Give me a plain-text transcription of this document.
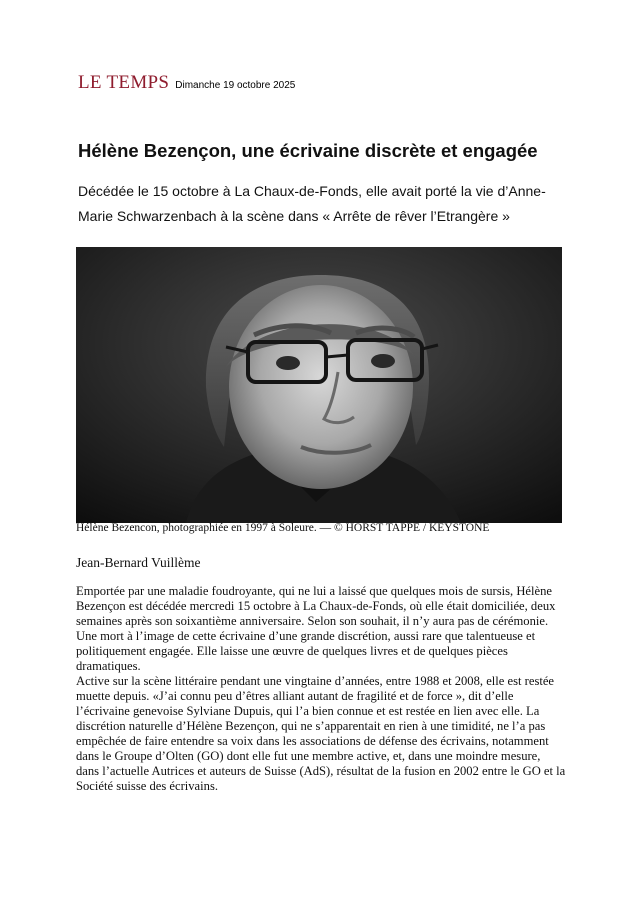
LE TEMPS Dimanche 19 octobre 2025
Hélène Bezençon, une écrivaine discrète et engagée

Décédée le 15 octobre à La Chaux-de-Fonds, elle avait porté la vie d’Anne-Marie Schwarzenbach à la scène dans « Arrête de rêver l’Etrangère »

Hélène Bezencon, photographiée en 1997 à Soleure. — © HORST TAPPE / KEYSTONE
Jean-Bernard Vuillème

Emportée par une maladie foudroyante, qui ne lui a laissé que quelques mois de sursis, Hélène Bezençon est décédée mercredi 15 octobre à La Chaux-de-Fonds, où elle était domiciliée, deux semaines après son soixantième anniversaire. Selon son souhait, il n’y aura pas de cérémonie. Une mort à l’image de cette écrivaine d’une grande discrétion, aussi rare que talentueuse et politiquement engagée. Elle laisse une œuvre de quelques livres et de quelques pièces dramatiques.

Active sur la scène littéraire pendant une vingtaine d’années, entre 1988 et 2008, elle est restée muette depuis. «J’ai connu peu d’êtres alliant autant de fragilité et de force », dit d’elle l’écrivaine genevoise Sylviane Dupuis, qui l’a bien connue et est restée en lien avec elle. La discrétion naturelle d’Hélène Bezençon, qui ne s’apparentait en rien à une timidité, ne l’a pas empêchée de faire entendre sa voix dans les associations de défense des écrivains, notamment dans le Groupe d’Olten (GO) dont elle fut une membre active, et, dans une moindre mesure, dans l’actuelle Autrices et auteurs de Suisse (AdS), résultat de la fusion en 2002 entre le GO et la Société suisse des écrivains.
